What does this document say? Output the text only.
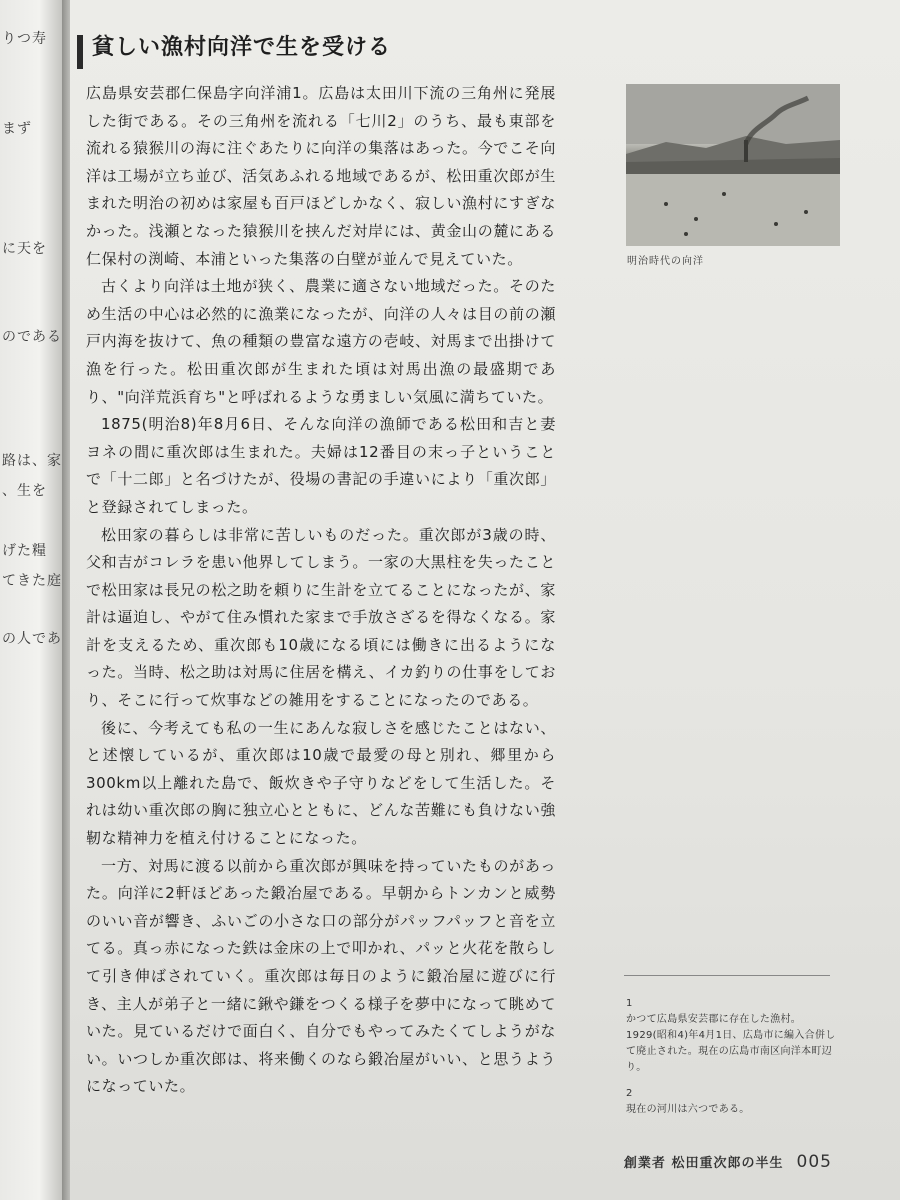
りつ寿
まず
に天を
のである
路は、家
、生を
げた糧
てきた庭
の人であ
貧しい漁村向洋で生を受ける

広島県安芸郡仁保島字向洋浦1。広島は太田川下流の三角州に発展した街である。その三角州を流れる「七川2」のうち、最も東部を流れる猿猴川の海に注ぐあたりに向洋の集落はあった。今でこそ向洋は工場が立ち並び、活気あふれる地域であるが、松田重次郎が生まれた明治の初めは家屋も百戸ほどしかなく、寂しい漁村にすぎなかった。浅瀬となった猿猴川を挟んだ対岸には、黄金山の麓にある仁保村の渕崎、本浦といった集落の白壁が並んで見えていた。

古くより向洋は土地が狭く、農業に適さない地域だった。そのため生活の中心は必然的に漁業になったが、向洋の人々は目の前の瀬戸内海を抜けて、魚の種類の豊富な遠方の壱岐、対馬まで出掛けて漁を行った。松田重次郎が生まれた頃は対馬出漁の最盛期であり、"向洋荒浜育ち"と呼ばれるような勇ましい気風に満ちていた。

1875(明治8)年8月6日、そんな向洋の漁師である松田和吉と妻ヨネの間に重次郎は生まれた。夫婦は12番目の末っ子ということで「十二郎」と名づけたが、役場の書記の手違いにより「重次郎」と登録されてしまった。

松田家の暮らしは非常に苦しいものだった。重次郎が3歳の時、父和吉がコレラを患い他界してしまう。一家の大黒柱を失ったことで松田家は長兄の松之助を頼りに生計を立てることになったが、家計は逼迫し、やがて住み慣れた家まで手放さざるを得なくなる。家計を支えるため、重次郎も10歳になる頃には働きに出るようになった。当時、松之助は対馬に住居を構え、イカ釣りの仕事をしており、そこに行って炊事などの雑用をすることになったのである。

後に、今考えても私の一生にあんな寂しさを感じたことはない、と述懐しているが、重次郎は10歳で最愛の母と別れ、郷里から300km以上離れた島で、飯炊きや子守りなどをして生活した。それは幼い重次郎の胸に独立心とともに、どんな苦難にも負けない強靭な精神力を植え付けることになった。

一方、対馬に渡る以前から重次郎が興味を持っていたものがあった。向洋に2軒ほどあった鍛冶屋である。早朝からトンカンと威勢のいい音が響き、ふいごの小さな口の部分がパッフパッフと音を立てる。真っ赤になった鉄は金床の上で叩かれ、パッと火花を散らして引き伸ばされていく。重次郎は毎日のように鍛冶屋に遊びに行き、主人が弟子と一緒に鍬や鎌をつくる様子を夢中になって眺めていた。見ているだけで面白く、自分でもやってみたくてしようがない。いつしか重次郎は、将来働くのなら鍛冶屋がいい、と思うようになっていた。

明治時代の向洋
1
かつて広島県安芸郡に存在した漁村。1929(昭和4)年4月1日、広島市に編入合併して廃止された。現在の広島市南区向洋本町辺り。
2
現在の河川は六つである。
創業者 松田重次郎の半生 005
